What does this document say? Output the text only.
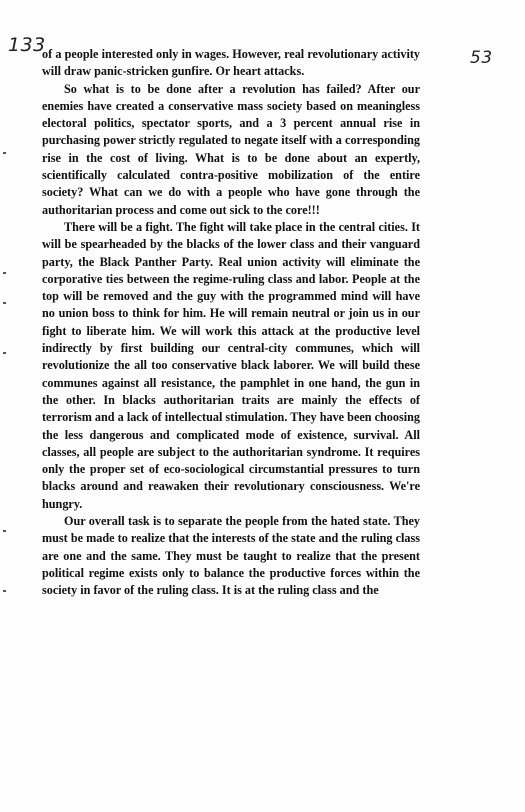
133
53

of a people interested only in wages. However, real revolutionary activity will draw panic-stricken gunfire. Or heart attacks.

So what is to be done after a revolution has failed? After our enemies have created a conservative mass society based on meaningless electoral politics, spectator sports, and a 3 percent annual rise in purchasing power strictly regulated to negate itself with a corresponding rise in the cost of living. What is to be done about an expertly, scientifically calculated contra-positive mobilization of the entire society? What can we do with a people who have gone through the authoritarian process and come out sick to the core!!!

There will be a fight. The fight will take place in the central cities. It will be spearheaded by the blacks of the lower class and their vanguard party, the Black Panther Party. Real union activity will eliminate the corporative ties between the regime-ruling class and labor. People at the top will be removed and the guy with the programmed mind will have no union boss to think for him. He will remain neutral or join us in our fight to liberate him. We will work this attack at the productive level indirectly by first building our central-city communes, which will revolutionize the all too conservative black laborer. We will build these communes against all resistance, the pamphlet in one hand, the gun in the other. In blacks authoritarian traits are mainly the effects of terrorism and a lack of intellectual stimulation. They have been choosing the less dangerous and complicated mode of existence, survival. All classes, all people are subject to the authoritarian syndrome. It requires only the proper set of eco-sociological circumstantial pressures to turn blacks around and reawaken their revolutionary consciousness. We're hungry.

Our overall task is to separate the people from the hated state. They must be made to realize that the interests of the state and the ruling class are one and the same. They must be taught to realize that the present political regime exists only to balance the productive forces within the society in favor of the ruling class. It is at the ruling class and the
